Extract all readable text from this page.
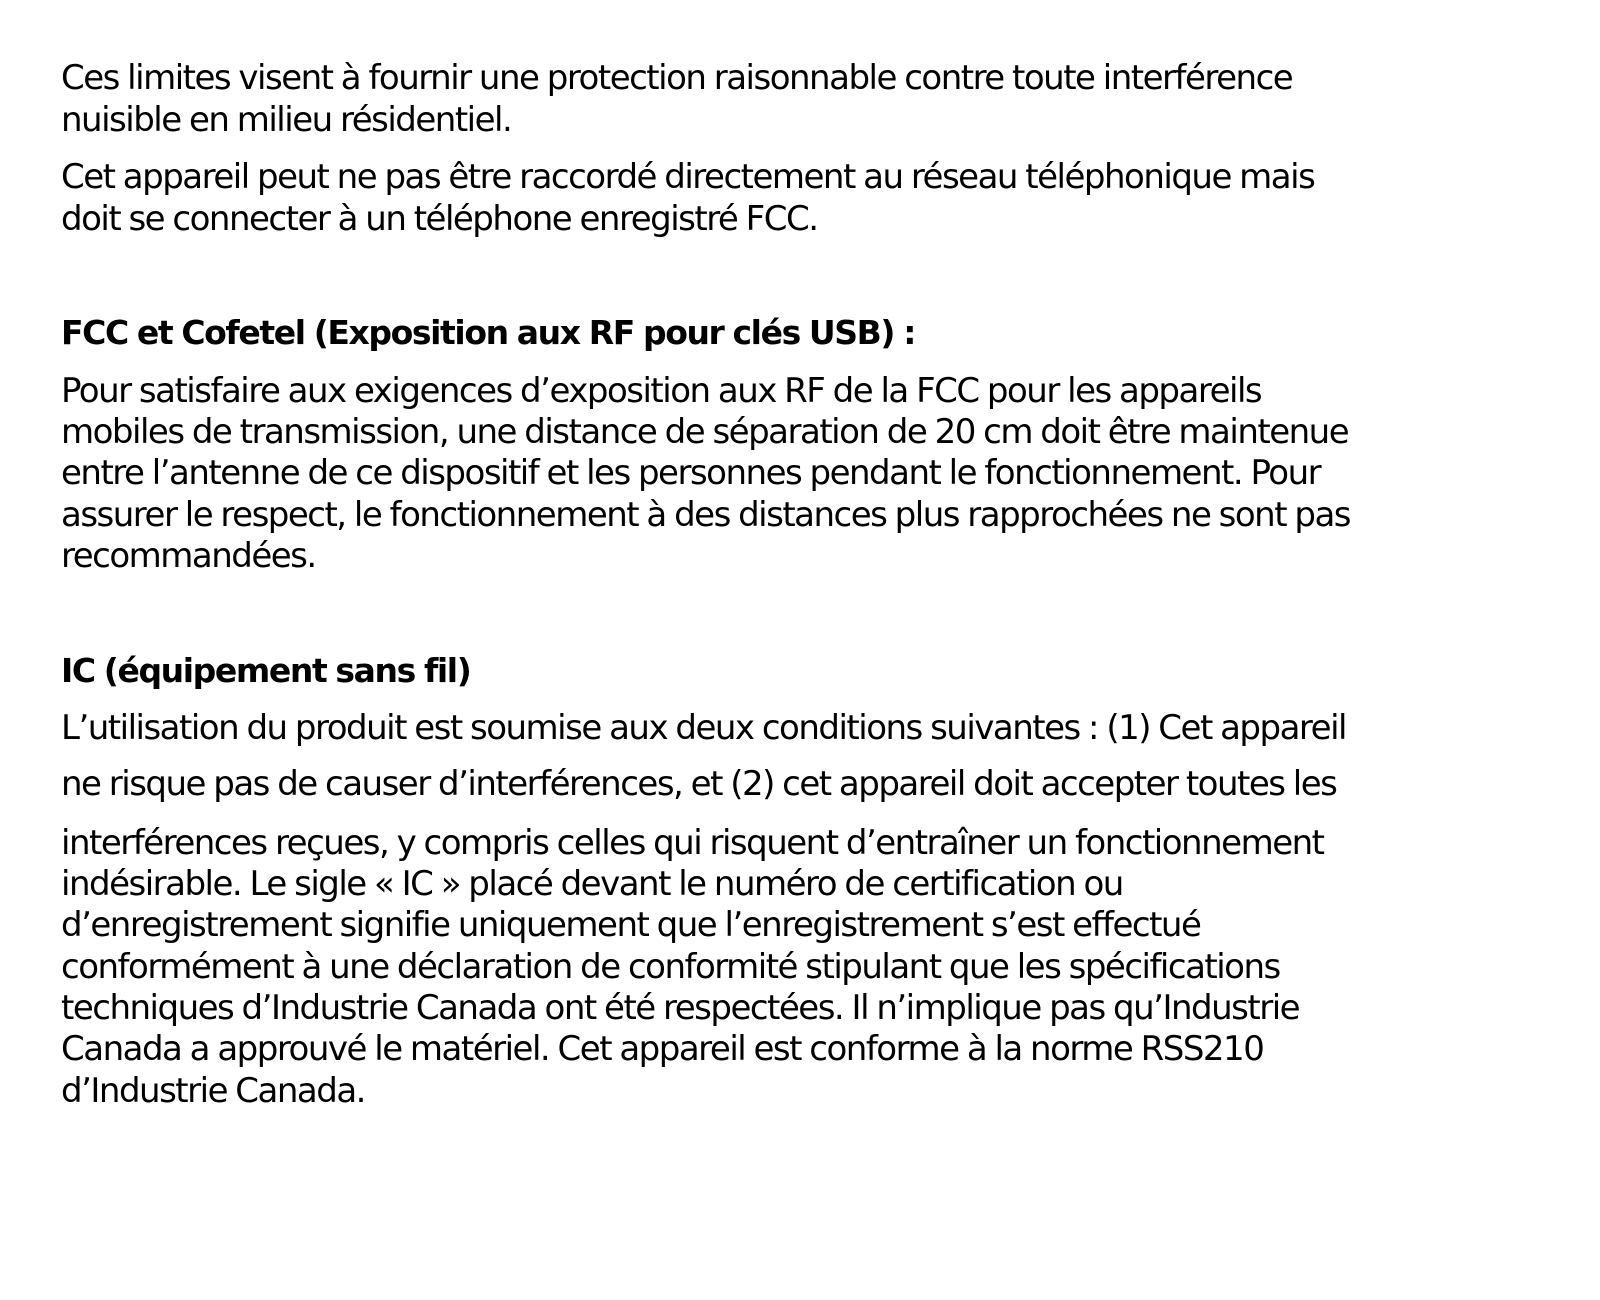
Ces limites visent à fournir une protection raisonnable contre toute interférence
nuisible en milieu résidentiel.
Cet appareil peut ne pas être raccordé directement au réseau téléphonique mais
doit se connecter à un téléphone enregistré FCC.
FCC et Cofetel (Exposition aux RF pour clés USB) :
Pour satisfaire aux exigences d’exposition aux RF de la FCC pour les appareils
mobiles de transmission, une distance de séparation de 20 cm doit être maintenue
entre l’antenne de ce dispositif et les personnes pendant le fonctionnement. Pour
assurer le respect, le fonctionnement à des distances plus rapprochées ne sont pas
recommandées.
IC (équipement sans fil)
L’utilisation du produit est soumise aux deux conditions suivantes : (1) Cet appareil
ne risque pas de causer d’interférences, et (2) cet appareil doit accepter toutes les
interférences reçues, y compris celles qui risquent d’entraîner un fonctionnement
indésirable. Le sigle « IC » placé devant le numéro de certification ou
d’enregistrement signifie uniquement que l’enregistrement s’est effectué
conformément à une déclaration de conformité stipulant que les spécifications
techniques d’Industrie Canada ont été respectées. Il n’implique pas qu’Industrie
Canada a approuvé le matériel. Cet appareil est conforme à la norme RSS210
d’Industrie Canada.
